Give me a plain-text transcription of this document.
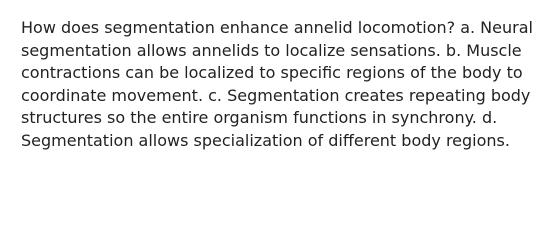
How does segmentation enhance annelid locomotion? a. Neural segmentation allows annelids to localize sensations. b. Muscle contractions can be localized to specific regions of the body to coordinate movement. c. Segmentation creates repeating body structures so the entire organism functions in synchrony. d. Segmentation allows specialization of different body regions.
